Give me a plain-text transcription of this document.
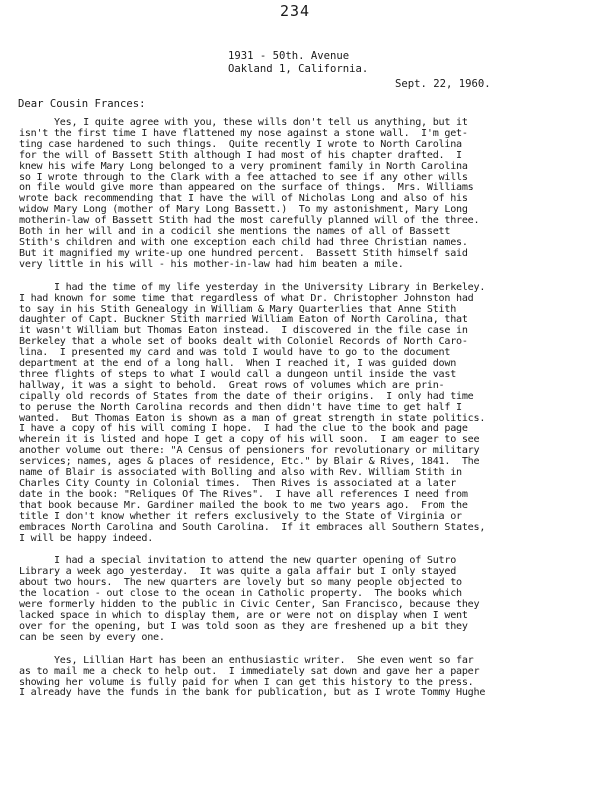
234
1931 - 50th. Avenue
Oakland 1, California.
Sept. 22, 1960.
Dear Cousin Frances:
Yes, I quite agree with you, these wills don't tell us anything, but it
isn't the first time I have flattened my nose against a stone wall.  I'm get-
ting case hardened to such things.  Quite recently I wrote to North Carolina
for the will of Bassett Stith although I had most of his chapter drafted.  I
knew his wife Mary Long belonged to a very prominent family in North Carolina
so I wrote through to the Clark with a fee attached to see if any other wills
on file would give more than appeared on the surface of things.  Mrs. Williams
wrote back recommending that I have the will of Nicholas Long and also of his
widow Mary Long (mother of Mary Long Bassett.)  To my astonishment, Mary Long
motherin-law of Bassett Stith had the most carefully planned will of the three.
Both in her will and in a codicil she mentions the names of all of Bassett
Stith's children and with one exception each child had three Christian names.
But it magnified my write-up one hundred percent.  Bassett Stith himself said
very little in his will - his mother-in-law had him beaten a mile.
I had the time of my life yesterday in the University Library in Berkeley.
I had known for some time that regardless of what Dr. Christopher Johnston had
to say in his Stith Genealogy in William & Mary Quarterlies that Anne Stith
daughter of Capt. Buckner Stith married William Eaton of North Carolina, that
it wasn't William but Thomas Eaton instead.  I discovered in the file case in
Berkeley that a whole set of books dealt with Coloniel Records of North Caro-
lina.  I presented my card and was told I would have to go to the document
department at the end of a long hall.  When I reached it, I was guided down
three flights of steps to what I would call a dungeon until inside the vast
hallway, it was a sight to behold.  Great rows of volumes which are prin-
cipally old records of States from the date of their origins.  I only had time
to peruse the North Carolina records and then didn't have time to get half I
wanted.  But Thomas Eaton is shown as a man of great strength in state politics.
I have a copy of his will coming I hope.  I had the clue to the book and page
wherein it is listed and hope I get a copy of his will soon.  I am eager to see
another volume out there: "A Census of pensioners for revolutionary or military
services; names, ages & places of residence, Etc." by Blair & Rives, 1841.  The
name of Blair is associated with Bolling and also with Rev. William Stith in
Charles City County in Colonial times.  Then Rives is associated at a later
date in the book: "Reliques Of The Rives".  I have all references I need from
that book because Mr. Gardiner mailed the book to me two years ago.  From the
title I don't know whether it refers exclusively to the State of Virginia or
embraces North Carolina and South Carolina.  If it embraces all Southern States,
I will be happy indeed.
I had a special invitation to attend the new quarter opening of Sutro
Library a week ago yesterday.  It was quite a gala affair but I only stayed
about two hours.  The new quarters are lovely but so many people objected to
the location - out close to the ocean in Catholic property.  The books which
were formerly hidden to the public in Civic Center, San Francisco, because they
lacked space in which to display them, are or were not on display when I went
over for the opening, but I was told soon as they are freshened up a bit they
can be seen by every one.
Yes, Lillian Hart has been an enthusiastic writer.  She even went so far
as to mail me a check to help out.  I immediately sat down and gave her a paper
showing her volume is fully paid for when I can get this history to the press.
I already have the funds in the bank for publication, but as I wrote Tommy Hughe
